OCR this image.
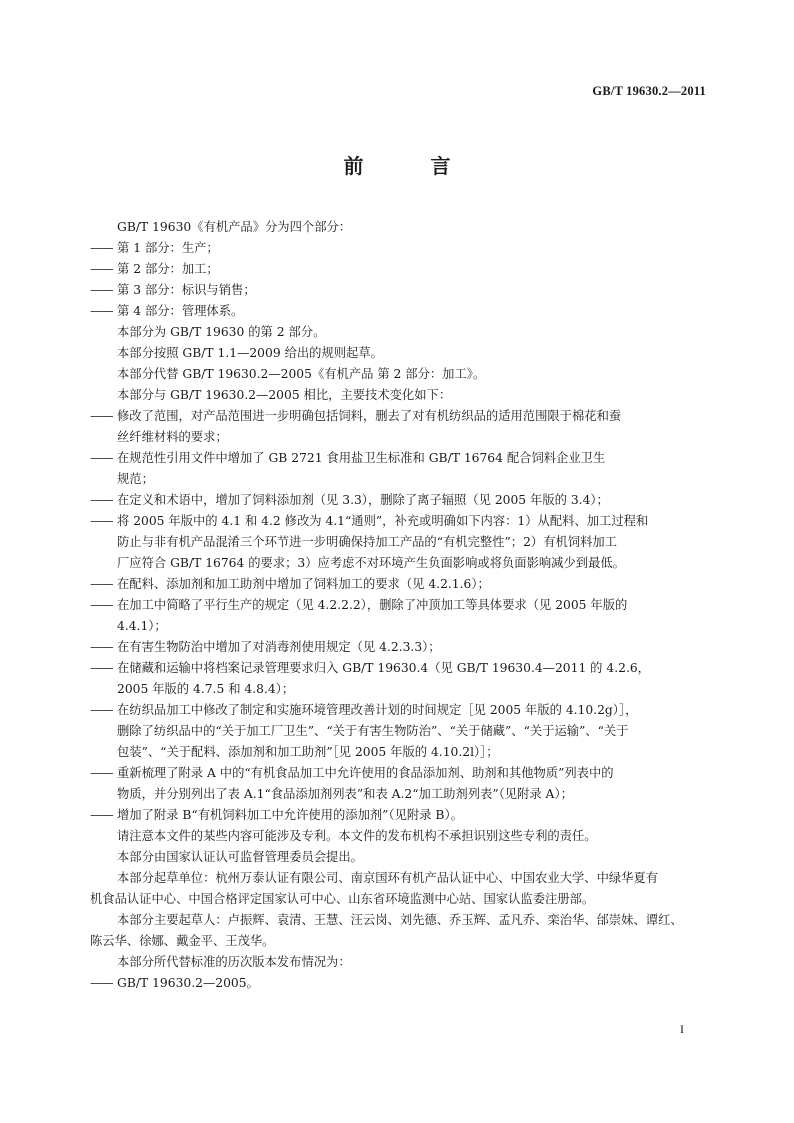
GB/T 19630.2—2011
前 言
GB/T 19630《有机产品》分为四个部分：
—— 第 1 部分：生产；
—— 第 2 部分：加工；
—— 第 3 部分：标识与销售；
—— 第 4 部分：管理体系。
本部分为 GB/T 19630 的第 2 部分。
本部分按照 GB/T 1.1—2009 给出的规则起草。
本部分代替 GB/T 19630.2—2005《有机产品 第 2 部分：加工》。
本部分与 GB/T 19630.2—2005 相比，主要技术变化如下：
—— 修改了范围，对产品范围进一步明确包括饲料，删去了对有机纺织品的适用范围限于棉花和蚕
丝纤维材料的要求；
—— 在规范性引用文件中增加了 GB 2721 食用盐卫生标准和 GB/T 16764 配合饲料企业卫生
规范；
—— 在定义和术语中，增加了饲料添加剂（见 3.3），删除了离子辐照（见 2005 年版的 3.4）；
—— 将 2005 年版中的 4.1 和 4.2 修改为 4.1“通则”，补充或明确如下内容：1）从配料、加工过程和
防止与非有机产品混淆三个环节进一步明确保持加工产品的“有机完整性”；2）有机饲料加工
厂应符合 GB/T 16764 的要求；3）应考虑不对环境产生负面影响或将负面影响减少到最低。
—— 在配料、添加剂和加工助剂中增加了饲料加工的要求（见 4.2.1.6）；
—— 在加工中简略了平行生产的规定（见 4.2.2.2），删除了冲顶加工等具体要求（见 2005 年版的
4.4.1）；
—— 在有害生物防治中增加了对消毒剂使用规定（见 4.2.3.3）；
—— 在储藏和运输中将档案记录管理要求归入 GB/T 19630.4（见 GB/T 19630.4—2011 的 4.2.6，
2005 年版的 4.7.5 和 4.8.4）；
—— 在纺织品加工中修改了制定和实施环境管理改善计划的时间规定［见 2005 年版的 4.10.2g）］，
删除了纺织品中的“关于加工厂卫生”、“关于有害生物防治”、“关于储藏”、“关于运输”、“关于
包装”、“关于配料、添加剂和加工助剂”［见 2005 年版的 4.10.2l）］；
—— 重新梳理了附录 A 中的“有机食品加工中允许使用的食品添加剂、助剂和其他物质”列表中的
物质，并分别列出了表 A.1“食品添加剂列表”和表 A.2“加工助剂列表”（见附录 A）；
—— 增加了附录 B“有机饲料加工中允许使用的添加剂”（见附录 B）。
请注意本文件的某些内容可能涉及专利。本文件的发布机构不承担识别这些专利的责任。
本部分由国家认证认可监督管理委员会提出。
本部分起草单位：杭州万泰认证有限公司、南京国环有机产品认证中心、中国农业大学、中绿华夏有
机食品认证中心、中国合格评定国家认可中心、山东省环境监测中心站、国家认监委注册部。
本部分主要起草人：卢振辉、袁清、王慧、汪云岗、刘先德、乔玉辉、孟凡乔、栾治华、邰崇妹、谭红、
陈云华、徐娜、戴金平、王茂华。
本部分所代替标准的历次版本发布情况为：
—— GB/T 19630.2—2005。
I
